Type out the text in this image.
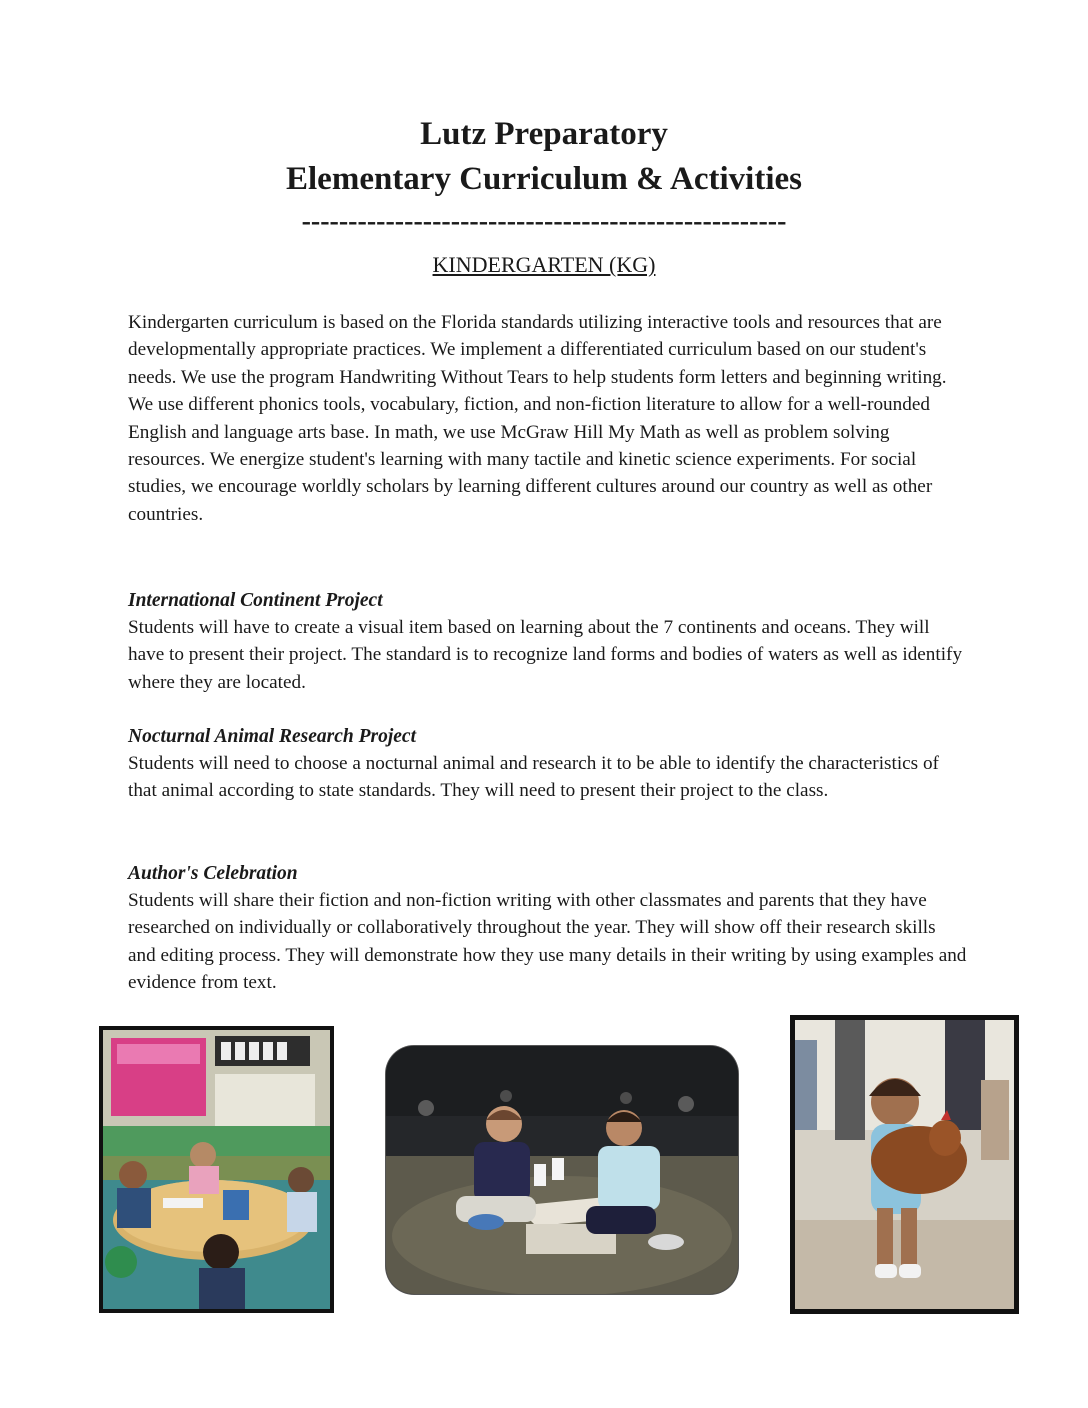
Lutz Preparatory
Elementary Curriculum & Activities
----------------------------------------------------
KINDERGARTEN (KG)

Kindergarten curriculum is based on the Florida standards utilizing interactive tools and resources that are developmentally appropriate practices. We implement a differentiated curriculum based on our student's needs. We use the program Handwriting Without Tears to help students form letters and beginning writing. We use different phonics tools, vocabulary, fiction, and non-fiction literature to allow for a well-rounded English and language arts base. In math, we use McGraw Hill My Math as well as problem solving resources. We energize student's learning with many tactile and kinetic science experiments. For social studies, we encourage worldly scholars by learning different cultures around our country as well as other countries.

International Continent Project

Students will have to create a visual item based on learning about the 7 continents and oceans. They will have to present their project. The standard is to recognize land forms and bodies of waters as well as identify where they are located.

Nocturnal Animal Research Project

Students will need to choose a nocturnal animal and research it to be able to identify the characteristics of that animal according to state standards. They will need to present their project to the class.

Author's Celebration

Students will share their fiction and non-fiction writing with other classmates and parents that they have researched on individually or collaboratively throughout the year. They will show off their research skills and editing process. They will demonstrate how they use many details in their writing by using examples and evidence from text.
